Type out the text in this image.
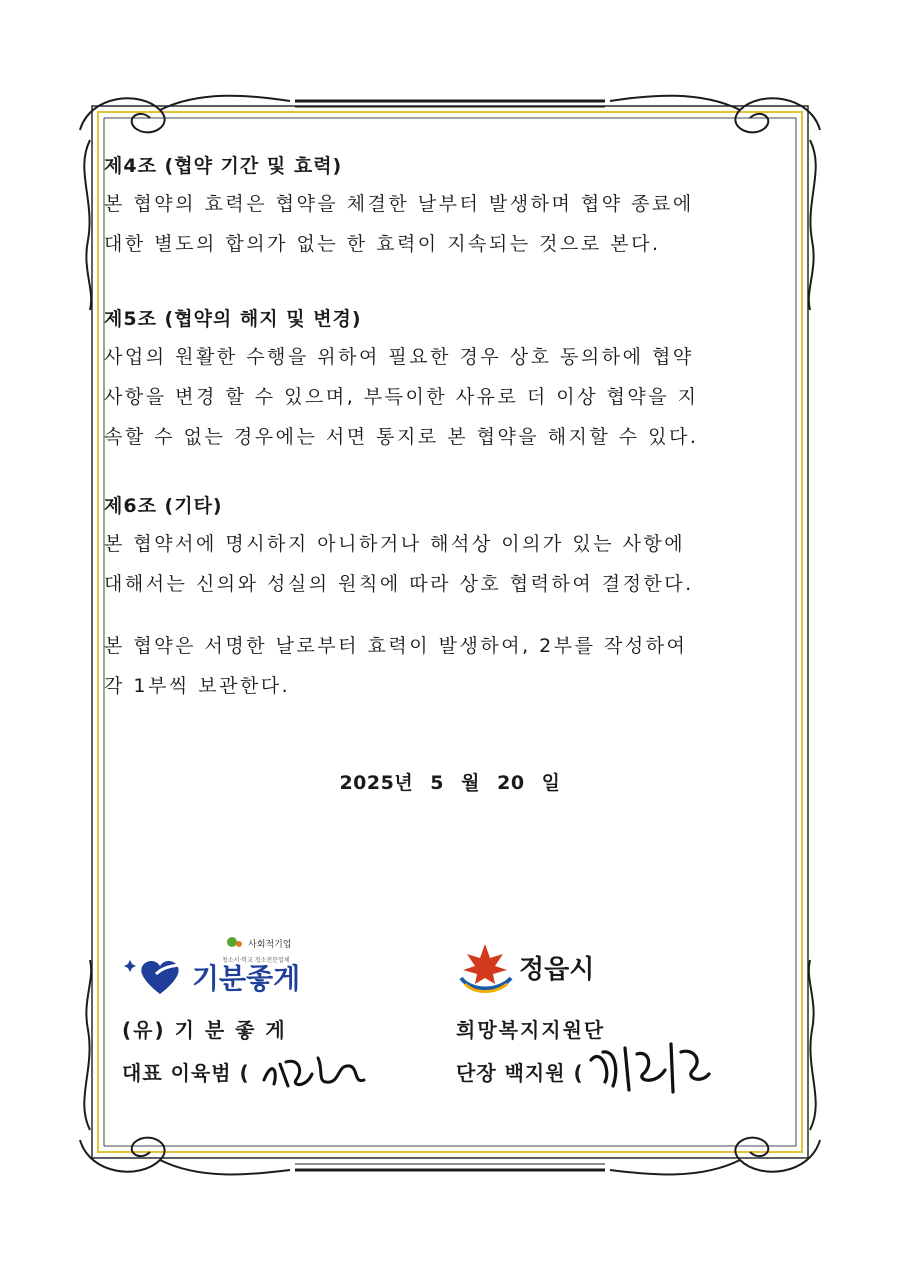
제4조 (협약 기간 및 효력)
본 협약의 효력은 협약을 체결한 날부터 발생하며 협약 종료에
대한 별도의 합의가 없는 한 효력이 지속되는 것으로 본다.
제5조 (협약의 해지 및 변경)
사업의 원활한 수행을 위하여 필요한 경우 상호 동의하에 협약
사항을 변경 할 수 있으며, 부득이한 사유로 더 이상 협약을 지
속할 수 없는 경우에는 서면 통지로 본 협약을 해지할 수 있다.
제6조 (기타)
본 협약서에 명시하지 아니하거나 해석상 이의가 있는 사항에
대해서는 신의와 성실의 원칙에 따라 상호 협력하여 결정한다.
본 협약은 서명한 날로부터 효력이 발생하여, 2부를 작성하여
각 1부씩 보관한다.
2025년 5 월 20 일
사회적기업
청소서·학교 청소전문업체
기분좋게	정읍시
(유) 기 분 좋 게
대표 이육범 (
희망복지지원단
단장 백지원 (
